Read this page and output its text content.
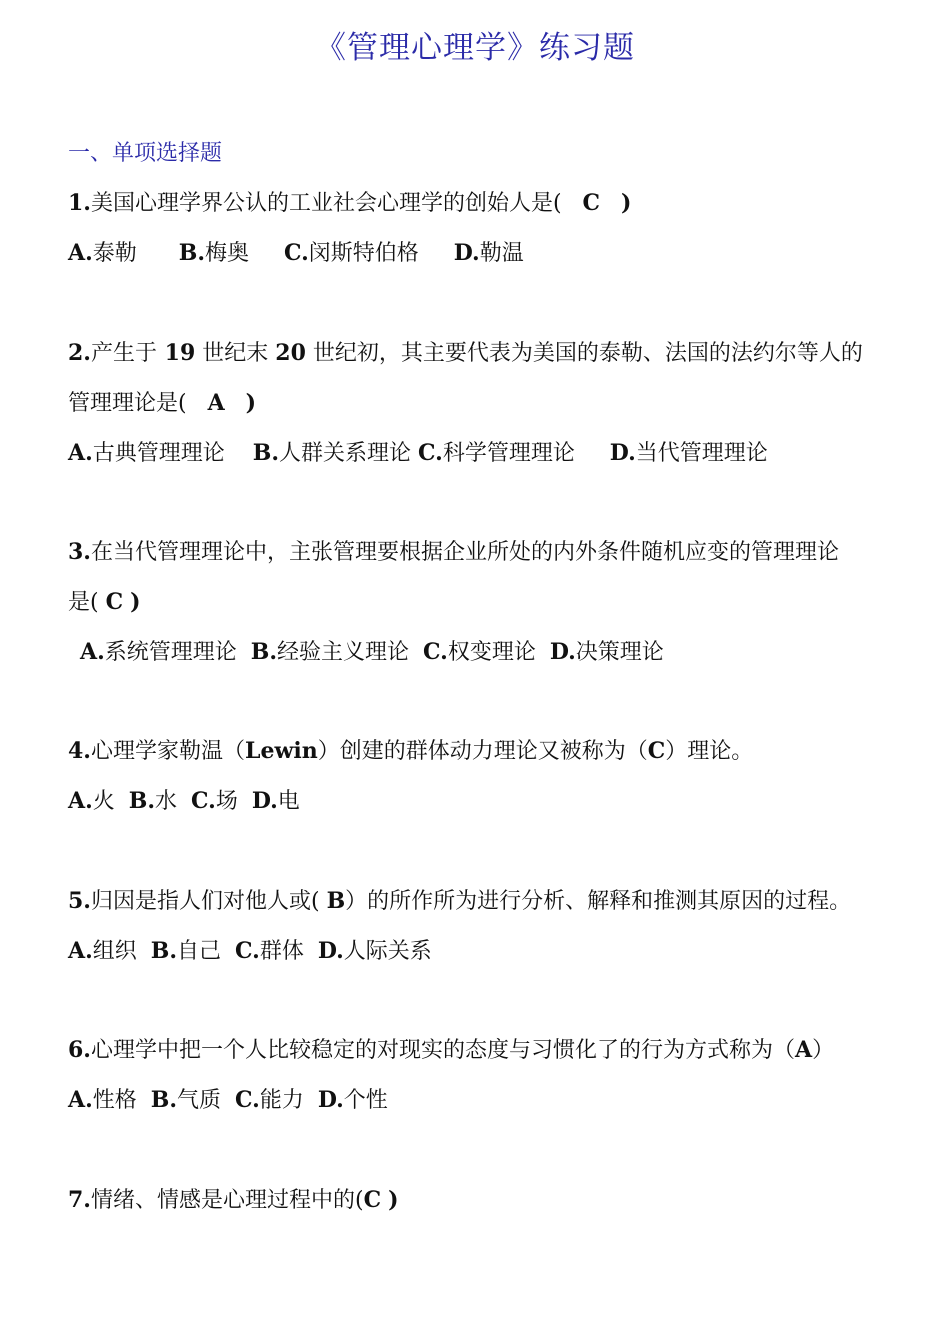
《管理心理学》练习题
一、单项选择题
1.美国心理学界公认的工业社会心理学的创始人是( C )
A.泰勒 B.梅奥 C.闵斯特伯格 D.勒温
2.产生于 19 世纪末 20 世纪初，其主要代表为美国的泰勒、法国的法约尔等人的
管理理论是( A )
A.古典管理理论 B.人群关系理论 C.科学管理理论 D.当代管理理论
3.在当代管理理论中，主张管理要根据企业所处的内外条件随机应变的管理理论
是( C )
A.系统管理理论 B.经验主义理论 C.权变理论 D.决策理论
4.心理学家勒温（Lewin）创建的群体动力理论又被称为（C）理论。
A.火 B.水 C.场 D.电
5.归因是指人们对他人或( B）的所作所为进行分析、解释和推测其原因的过程。
A.组织 B.自己 C.群体 D.人际关系
6.心理学中把一个人比较稳定的对现实的态度与习惯化了的行为方式称为（A）
A.性格 B.气质 C.能力 D.个性
7.情绪、情感是心理过程中的(C )
